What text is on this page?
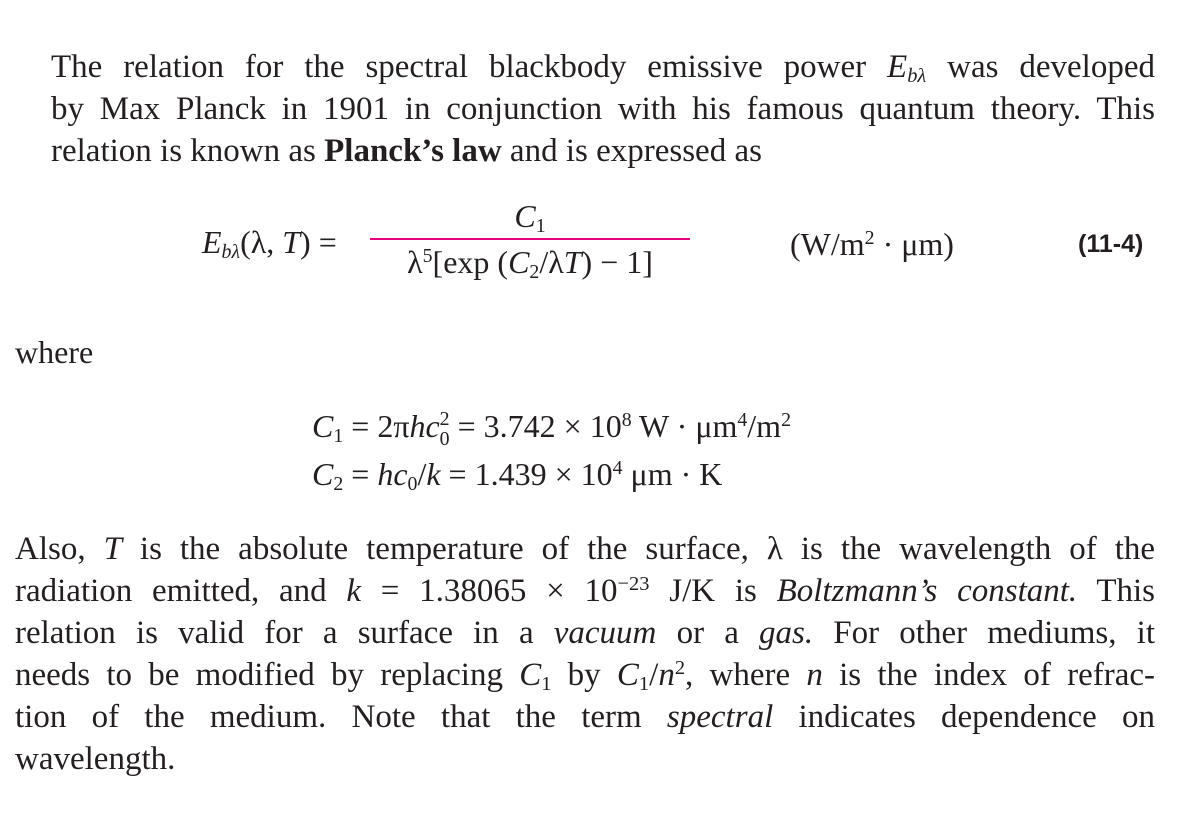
The relation for the spectral blackbody emissive power $E_{b\lambda}$ was developed
by Max Planck in 1901 in conjunction with his famous quantum theory. This
relation is known as Planck’s law and is expressed as

$E_{b\lambda}(\lambda$, T) =
$C_1$
$\lambda^5[\exp$ $(C_2/\lambda T) - 1$]	$(W/m^2 \cdot \mu m)$	(11-4)
where
$C_1 = 2\pi hc$ 2
$0 = 3.742 \times 10^8$ $W \cdot \mu m^4/m^2$
$C_2 = hc_0/k = 1.439 \times 10^4$ μm · K

Also, T is the absolute temperature of the surface, λ is the wavelength of the
radiation emitted, and $k = 1.38065 \times 10^{-23}$ J/K is Boltzmann’s constant. This
relation is valid for a surface in a vacuum or a gas. For other mediums, it
needs to be modified by replacing $C_1$ by $C_1/n^2$, where n is the index of refrac-
tion of the medium. Note that the term spectral indicates dependence on
wavelength.
